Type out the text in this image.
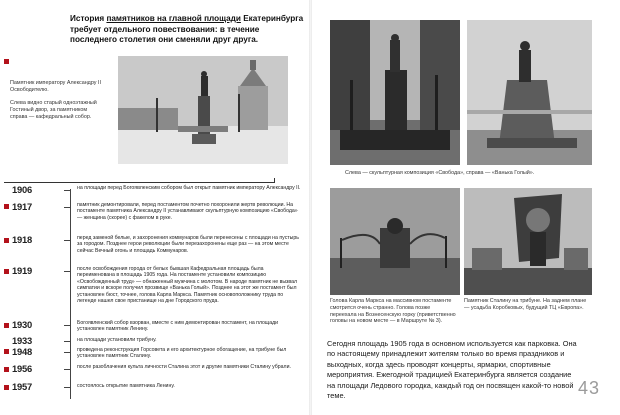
История памятников на главной площади Екатеринбурга требует отдельного повествования: в течение последнего столетия они сменяли друг друга.

Памятник императору Александру II Освободителю.

Слева видно старый одноэтажный Гостиный двор, за памятником справа — кафедральный собор.

1906	на площади перед Богоявленским собором был открыт памятник императору Александру II.
1917	памятник демонтировали, перед постаментом почетно похоронили жертв революции. На постаменте памятника Александру II устанавливают скульптурную композицию «Свобода» — женщина (скорее) с факелом в руке.
1918	перед заменой белые, и захоронения коммунаров были перенесены с площади на пустырь за городом. Позднее герои революции были перезахоронены еще раз — на этом месте сейчас Вечный огонь и площадь Коммунаров.
1919	после освобождения города от белых бывшая Кафедральная площадь была переименована в площадь 1905 года. На постаменте установили композицию «Освобожденный труд» — обнаженный мужчина с молотом. В народе памятник не вызвал симпатии и вскоре получил прозвище «Ванька Голый». Позднее на этот же постамент был установлен бюст, точнее, голова Карла Маркса. Памятник основоположнику труда по легенде нашел свое пристанище на дне Городского пруда.
1930	Богоявленский собор взорван, вместе с ним демонтирован постамент, на площади установлен памятник Ленину.
1933	на площади установили трибуну.
1948	проведена реконструкция Горсовета и его архитектурное обогащение, на трибуне был установлен памятник Сталину.
1956	после разоблачения культа личности Сталина этот и другие памятники Сталину убрали.
1957	состоялось открытие памятника Ленину.
Слева — скульптурная композиция «Свобода», справа — «Ванька Голый».
Голова Карла Маркса на массивном постаменте смотрится очень странно. Голова позже переехала на Вознесенскую горку (приветственно головы на новом месте — в Маршруте № 3).
Памятник Сталину на трибуне. На заднем плане — усадьба Коробковых, будущий ТЦ «Европа».
Сегодня площадь 1905 года в основном используется как парковка. Она по настоящему принадлежит жителям только во время праздников и выходных, когда здесь проводят концерты, ярмарки, спортивные мероприятия. Ежегодной традицией Екатеринбурга является создание на площади Ледового городка, каждый год он посвящен какой-то новой теме.	43
